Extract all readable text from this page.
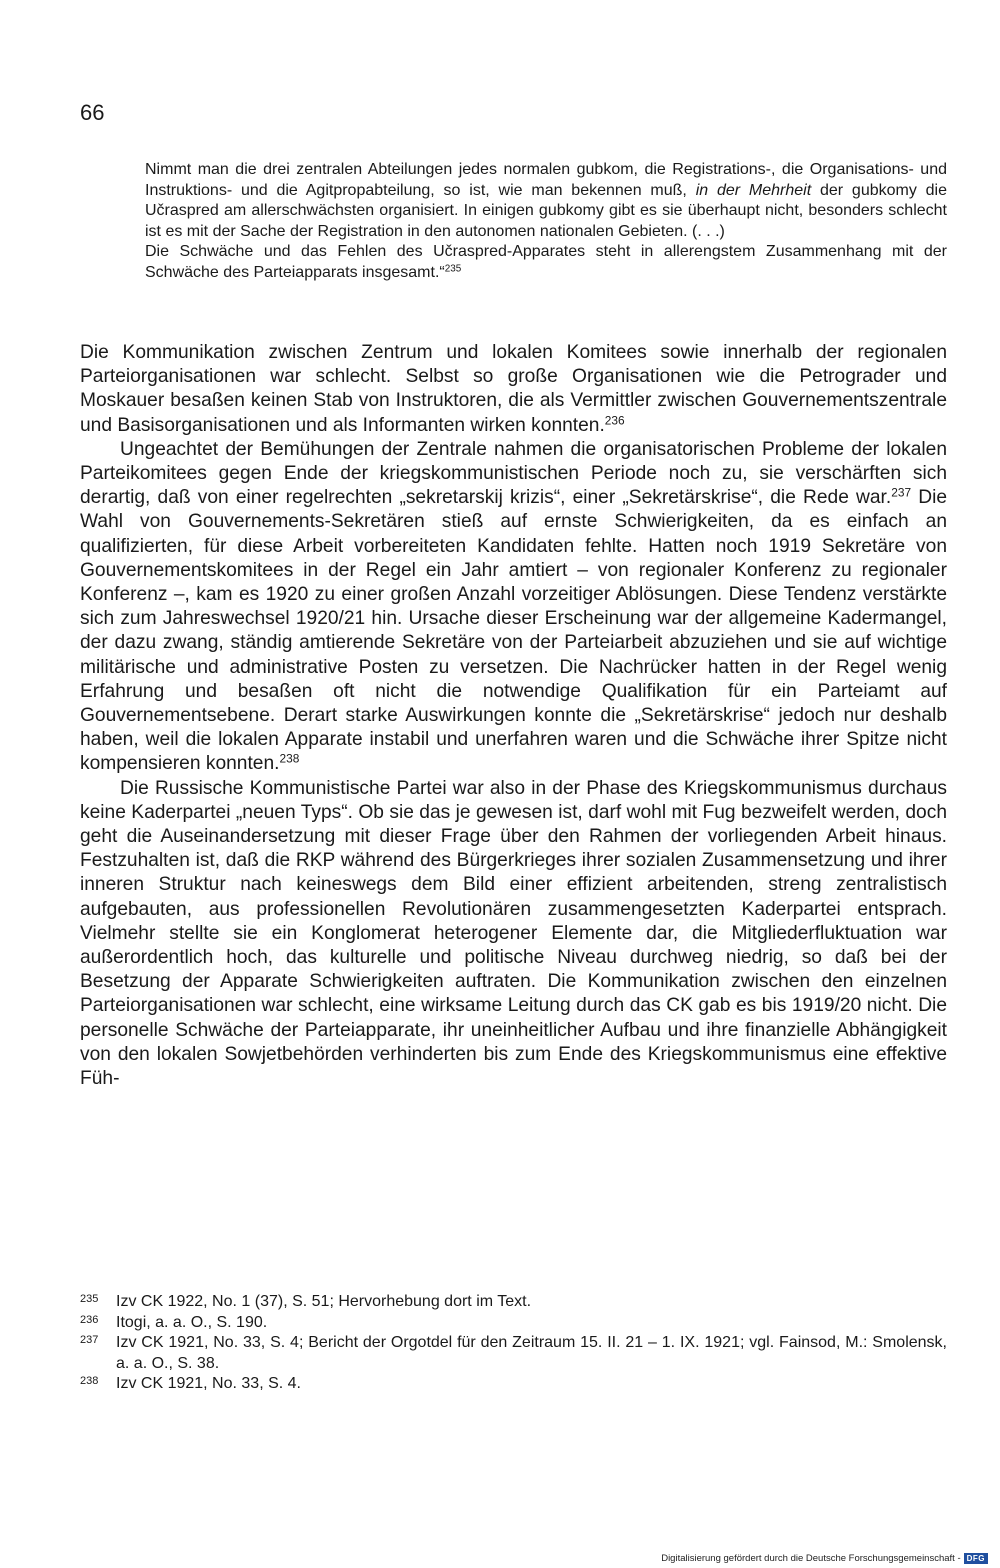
66

Nimmt man die drei zentralen Abteilungen jedes normalen gubkom, die Registrations-, die Organisations- und Instruktions- und die Agitpropabteilung, so ist, wie man bekennen muß, in der Mehrheit der gubkomy die Učraspred am allerschwächsten organisiert. In einigen gubkomy gibt es sie überhaupt nicht, besonders schlecht ist es mit der Sache der Registration in den autonomen nationalen Gebieten. (. . .)

Die Schwäche und das Fehlen des Učraspred-Apparates steht in allerengstem Zusammenhang mit der Schwäche des Parteiapparats insgesamt.“$^{235}$

Die Kommunikation zwischen Zentrum und lokalen Komitees sowie innerhalb der regionalen Parteiorganisationen war schlecht. Selbst so große Organisationen wie die Petrograder und Moskauer besaßen keinen Stab von Instruktoren, die als Vermittler zwischen Gouvernementszentrale und Basisorganisationen und als Informanten wirken konnten.$^{236}$

Ungeachtet der Bemühungen der Zentrale nahmen die organisatorischen Probleme der lokalen Parteikomitees gegen Ende der kriegskommunistischen Periode noch zu, sie verschärften sich derartig, daß von einer regelrechten „sekretarskij krizis“, einer „Sekretärskrise“, die Rede war.$^{237}$ Die Wahl von Gouvernements-Sekretären stieß auf ernste Schwierigkeiten, da es einfach an qualifizierten, für diese Arbeit vorbereiteten Kandidaten fehlte. Hatten noch 1919 Sekretäre von Gouvernementskomitees in der Regel ein Jahr amtiert – von regionaler Konferenz zu regionaler Konferenz –, kam es 1920 zu einer großen Anzahl vorzeitiger Ablösungen. Diese Tendenz verstärkte sich zum Jahreswechsel 1920/21 hin. Ursache dieser Erscheinung war der allgemeine Kadermangel, der dazu zwang, ständig amtierende Sekretäre von der Parteiarbeit abzuziehen und sie auf wichtige militärische und administrative Posten zu versetzen. Die Nachrücker hatten in der Regel wenig Erfahrung und besaßen oft nicht die notwendige Qualifikation für ein Parteiamt auf Gouvernementsebene. Derart starke Auswirkungen konnte die „Sekretärskrise“ jedoch nur deshalb haben, weil die lokalen Apparate instabil und unerfahren waren und die Schwäche ihrer Spitze nicht kompensieren konnten.$^{238}$

Die Russische Kommunistische Partei war also in der Phase des Kriegskommunismus durchaus keine Kaderpartei „neuen Typs“. Ob sie das je gewesen ist, darf wohl mit Fug bezweifelt werden, doch geht die Auseinandersetzung mit dieser Frage über den Rahmen der vorliegenden Arbeit hinaus. Festzuhalten ist, daß die RKP während des Bürgerkrieges ihrer sozialen Zusammensetzung und ihrer inneren Struktur nach keineswegs dem Bild einer effizient arbeitenden, streng zentralistisch aufgebauten, aus professionellen Revolutionären zusammengesetzten Kaderpartei entsprach. Vielmehr stellte sie ein Konglomerat heterogener Elemente dar, die Mitgliederfluktuation war außerordentlich hoch, das kulturelle und politische Niveau durchweg niedrig, so daß bei der Besetzung der Apparate Schwierigkeiten auftraten. Die Kommunikation zwischen den einzelnen Parteiorganisationen war schlecht, eine wirksame Leitung durch das CK gab es bis 1919/20 nicht. Die personelle Schwäche der Parteiapparate, ihr uneinheitlicher Aufbau und ihre finanzielle Abhängigkeit von den lokalen Sowjetbehörden verhinderten bis zum Ende des Kriegskommunismus eine effektive Füh-

235 Izv CK 1922, No. 1 (37), S. 51; Hervorhebung dort im Text.
236 Itogi, a. a. O., S. 190.
237 Izv CK 1921, No. 33, S. 4; Bericht der Orgotdel für den Zeitraum 15. II. 21 – 1. IX. 1921; vgl. Fainsod, M.: Smolensk, a. a. O., S. 38.
238 Izv CK 1921, No. 33, S. 4.
Digitalisierung gefördert durch die Deutsche Forschungsgemeinschaft - DFG
